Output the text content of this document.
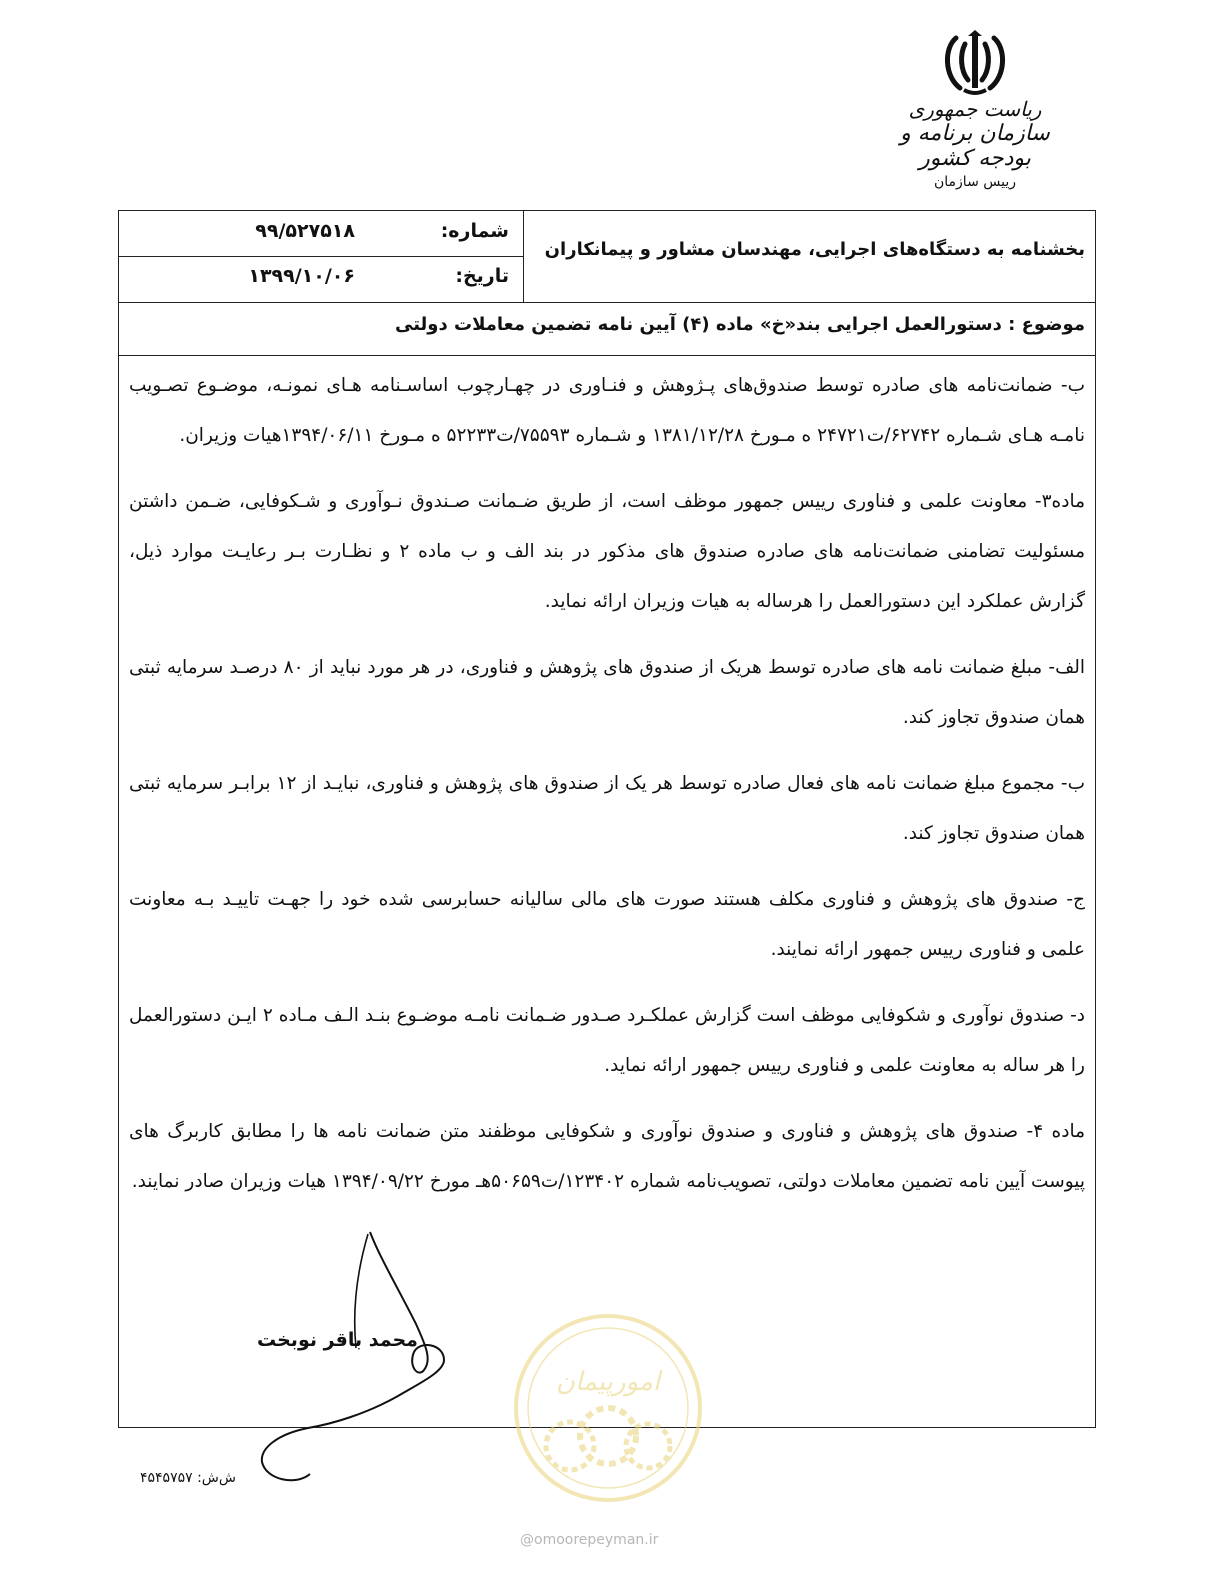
ریاست جمهوری
سازمان برنامه و بودجه کشور
رییس سازمان
شماره:
۹۹/۵۲۷۵۱۸
تاریخ:
۱۳۹۹/۱۰/۰۶
بخشنامه به دستگاه‌های اجرایی، مهندسان مشاور و پیمانکاران
موضوع : دستورالعمل اجرایی بند«خ» ماده (۴) آیین نامه تضمین معاملات دولتی

ب- ضمانت‌نامه های صادره توسط صندوق‌های پـژوهش و فنـاوری در چهـارچوب اساسـنامه هـای نمونـه، موضـوع تصـویب نامـه هـای شـماره ۶۲۷۴۲/ت۲۴۷۲۱ ه مـورخ ۱۳۸۱/۱۲/۲۸ و شـماره ۷۵۵۹۳/ت۵۲۲۳۳ ه مـورخ ۱۳۹۴/۰۶/۱۱هیات وزیران.

ماده۳- معاونت علمی و فناوری رییس جمهور موظف است، از طریق ضـمانت صـندوق نـوآوری و شـکوفایی، ضـمن داشتن مسئولیت تضامنی ضمانت‌نامه های صادره صندوق های مذکور در بند الف و ب ماده ۲ و نظـارت بـر رعایـت موارد ذیل، گزارش عملکرد این دستورالعمل را هرساله به هیات وزیران ارائه نماید.

الف- مبلغ ضمانت نامه های صادره توسط هریک از صندوق های پژوهش و فناوری، در هر مورد نباید از ۸۰ درصـد سرمایه ثبتی همان صندوق تجاوز کند.

ب- مجموع مبلغ ضمانت نامه های فعال صادره توسط هر یک از صندوق های پژوهش و فناوری، نبایـد از ۱۲ برابـر سرمایه ثبتی همان صندوق تجاوز کند.

ج- صندوق های پژوهش و فناوری مکلف هستند صورت های مالی سالیانه حسابرسی شده خود را جهـت تاییـد بـه معاونت علمی و فناوری رییس جمهور ارائه نمایند.

د- صندوق نوآوری و شکوفایی موظف است گزارش عملکـرد صـدور ضـمانت نامـه موضـوع بنـد الـف مـاده ۲ ایـن دستورالعمل را هر ساله به معاونت علمی و فناوری رییس جمهور ارائه نماید.

ماده ۴- صندوق های پژوهش و فناوری و صندوق نوآوری و شکوفایی موظفند متن ضمانت نامه ها را مطابق کاربرگ های پیوست آیین نامه تضمین معاملات دولتی، تصویب‌نامه شماره ۱۲۳۴۰۲/ت۵۰۶۵۹هـ مورخ ۱۳۹۴/۰۹/۲۲ هیات وزیران صادر نمایند.

محمد باقر نوبخت
امورپیمان
ش‌ش: ۴۵۴۵۷۵۷
@omoorepeyman.ir
